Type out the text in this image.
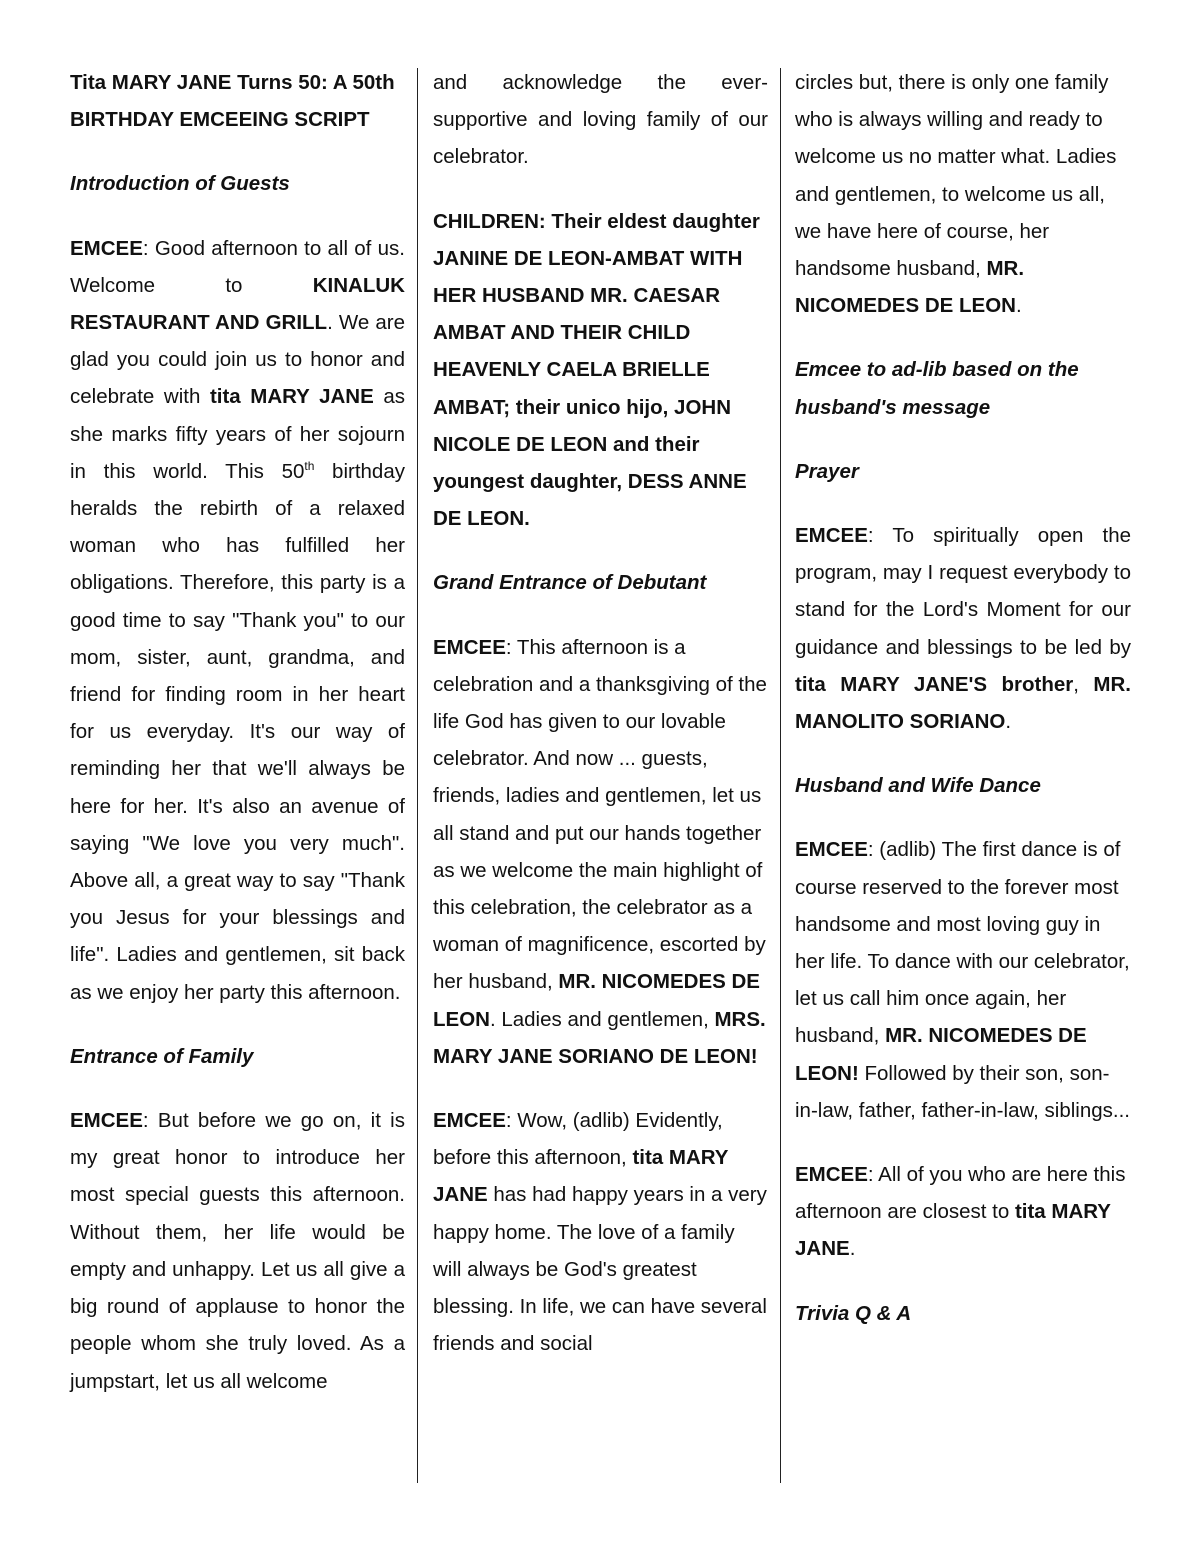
Tita MARY JANE Turns 50: A 50th BIRTHDAY EMCEEING SCRIPT

Introduction of Guests

EMCEE: Good afternoon to all of us. Welcome to KINALUK RESTAURANT AND GRILL. We are glad you could join us to honor and celebrate with tita MARY JANE as she marks fifty years of her sojourn in this world. This 50th birthday heralds the rebirth of a relaxed woman who has fulfilled her obligations. Therefore, this party is a good time to say "Thank you" to our mom, sister, aunt, grandma, and friend for finding room in her heart for us everyday. It's our way of reminding her that we'll always be here for her. It's also an avenue of saying "We love you very much". Above all, a great way to say "Thank you Jesus for your blessings and life". Ladies and gentlemen, sit back as we enjoy her party this afternoon.

Entrance of Family

EMCEE: But before we go on, it is my great honor to introduce her most special guests this afternoon. Without them, her life would be empty and unhappy. Let us all give a big round of applause to honor the people whom she truly loved. As a jumpstart, let us all welcome

and acknowledge the ever-supportive and loving family of our celebrator.

CHILDREN: Their eldest daughter JANINE DE LEON-AMBAT WITH HER HUSBAND MR. CAESAR AMBAT AND THEIR CHILD HEAVENLY CAELA BRIELLE AMBAT; their unico hijo, JOHN NICOLE DE LEON and their youngest daughter, DESS ANNE DE LEON.

Grand Entrance of Debutant

EMCEE: This afternoon is a celebration and a thanksgiving of the life God has given to our lovable celebrator. And now ... guests, friends, ladies and gentlemen, let us all stand and put our hands together as we welcome the main highlight of this celebration, the celebrator as a woman of magnificence, escorted by her husband, MR. NICOMEDES DE LEON. Ladies and gentlemen, MRS. MARY JANE SORIANO DE LEON!

EMCEE: Wow, (adlib) Evidently, before this afternoon, tita MARY JANE has had happy years in a very happy home. The love of a family will always be God's greatest blessing. In life, we can have several friends and social

circles but, there is only one family who is always willing and ready to welcome us no matter what. Ladies and gentlemen, to welcome us all, we have here of course, her handsome husband, MR. NICOMEDES DE LEON.

Emcee to ad-lib based on the husband's message

Prayer

EMCEE: To spiritually open the program, may I request everybody to stand for the Lord's Moment for our guidance and blessings to be led by tita MARY JANE'S brother, MR. MANOLITO SORIANO.

Husband and Wife Dance

EMCEE: (adlib) The first dance is of course reserved to the forever most handsome and most loving guy in her life. To dance with our celebrator, let us call him once again, her husband, MR. NICOMEDES DE LEON! Followed by their son, son-in-law, father, father-in-law, siblings...

EMCEE: All of you who are here this afternoon are closest to tita MARY JANE.

Trivia Q & A
